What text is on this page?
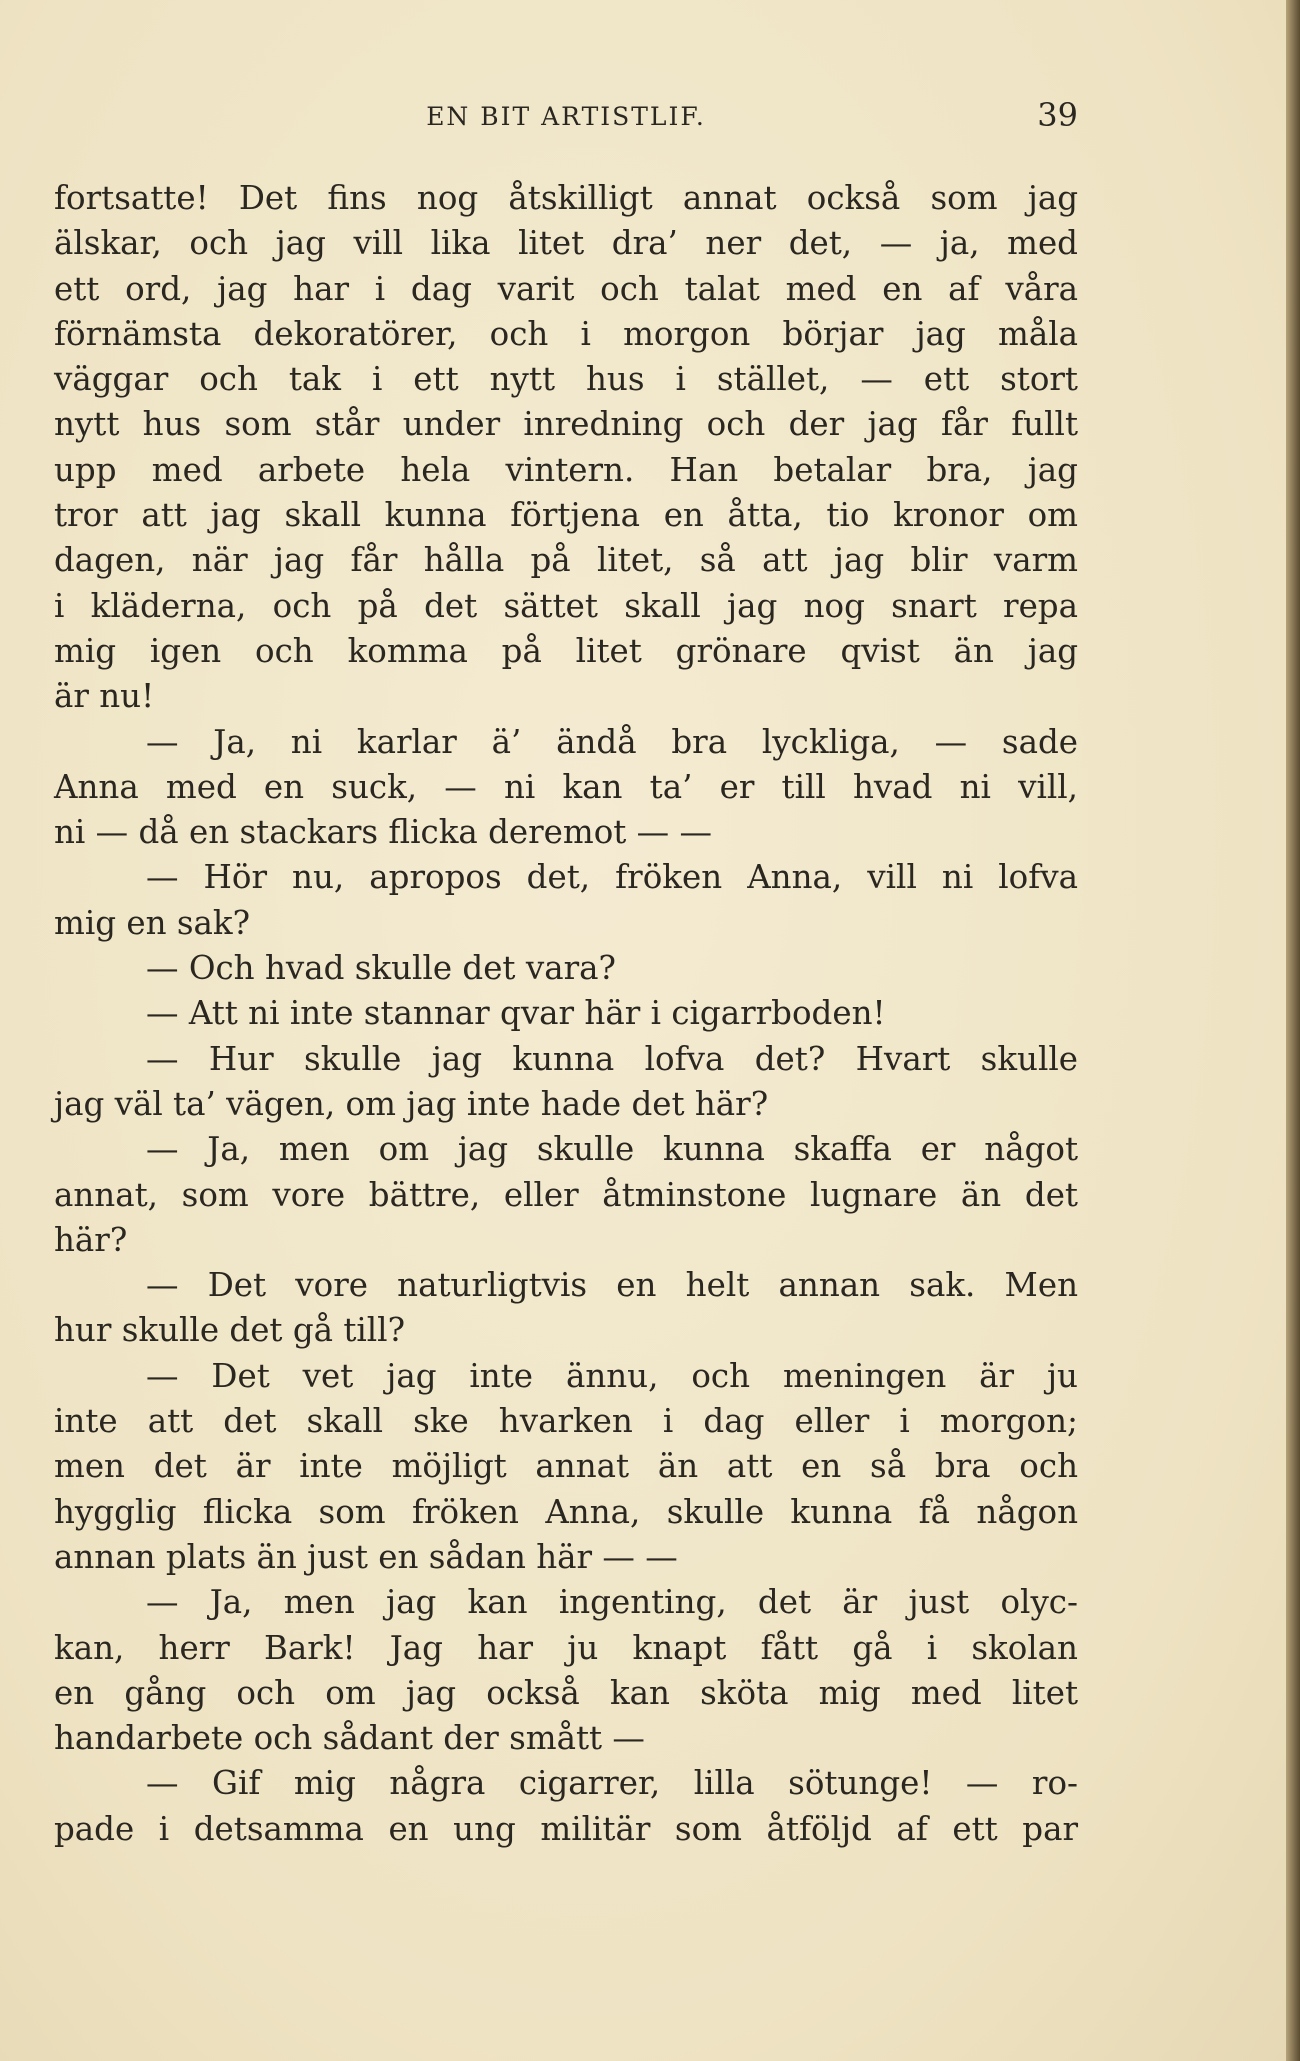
EN BIT ARTISTLIF.	39
fortsatte! Det fins nog åtskilligt annat också som jag
älskar, och jag vill lika litet dra’ ner det, — ja, med
ett ord, jag har i dag varit och talat med en af våra
förnämsta dekoratörer, och i morgon börjar jag måla
väggar och tak i ett nytt hus i stället, — ett stort
nytt hus som står under inredning och der jag får fullt
upp med arbete hela vintern. Han betalar bra, jag
tror att jag skall kunna förtjena en åtta, tio kronor om
dagen, när jag får hålla på litet, så att jag blir varm
i kläderna, och på det sättet skall jag nog snart repa
mig igen och komma på litet grönare qvist än jag
är nu!
— Ja, ni karlar ä’ ändå bra lyckliga, — sade
Anna med en suck, — ni kan ta’ er till hvad ni vill,
ni — då en stackars flicka deremot — —
— Hör nu, apropos det, fröken Anna, vill ni lofva
mig en sak?
— Och hvad skulle det vara?
— Att ni inte stannar qvar här i cigarrboden!
— Hur skulle jag kunna lofva det? Hvart skulle
jag väl ta’ vägen, om jag inte hade det här?
— Ja, men om jag skulle kunna skaffa er något
annat, som vore bättre, eller åtminstone lugnare än det
här?
— Det vore naturligtvis en helt annan sak. Men
hur skulle det gå till?
— Det vet jag inte ännu, och meningen är ju
inte att det skall ske hvarken i dag eller i morgon;
men det är inte möjligt annat än att en så bra och
hygglig flicka som fröken Anna, skulle kunna få någon
annan plats än just en sådan här — —
— Ja, men jag kan ingenting, det är just olyc-
kan, herr Bark! Jag har ju knapt fått gå i skolan
en gång och om jag också kan sköta mig med litet
handarbete och sådant der smått —
— Gif mig några cigarrer, lilla sötunge! — ro-
pade i detsamma en ung militär som åtföljd af ett par
